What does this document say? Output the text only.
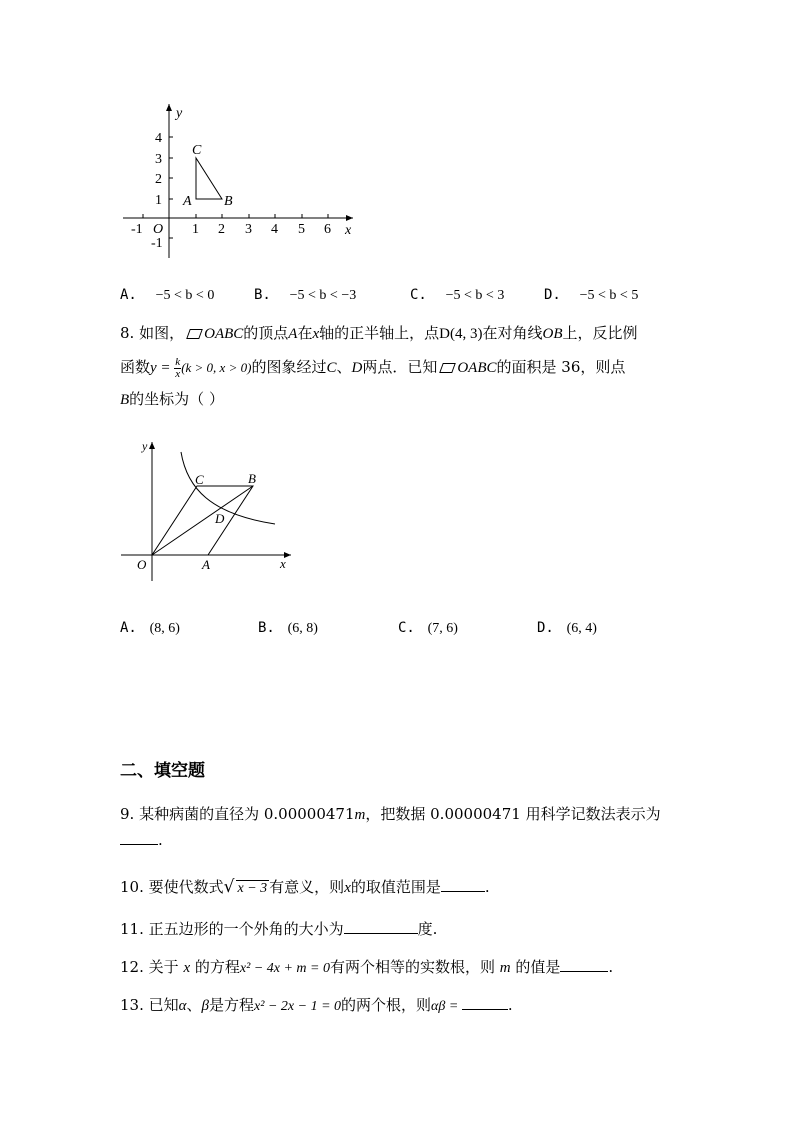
-1 O 1 2 3 4 5 6 x
y
4
3
2
1
-1
A B
C
A. −5 < b < 0	B. −5 < b < −3	C. −5 < b < 3	D. −5 < b < 5
8. 如图， OABC的顶点A在x轴的正半轴上，点D(4, 3)在对角线OB上，反比例
函数$y = \frac{k}{x} (k > 0$, x > 0)的图象经过C、D两点．已知 OABC的面积是 36，则点
B的坐标为（ ）
y
x
O	A
B
C
D
A. (8, 6)	B. (6, 8)	C. (7, 6)	D. (6, 4)
二、填空题
9. 某种病菌的直径为 0.00000471m，把数据 0.00000471 用科学记数法表示为
.
10. 要使代数式√ x − 3 有意义，则x的取值范围是	.
11. 正五边形的一个外角的大小为	度.
12. 关于 x 的方程x² − 4x + m = 0有两个相等的实数根，则 m 的值是	.
13. 已知α、β是方程x² − 2x − 1 = 0的两个根，则αβ =	.
